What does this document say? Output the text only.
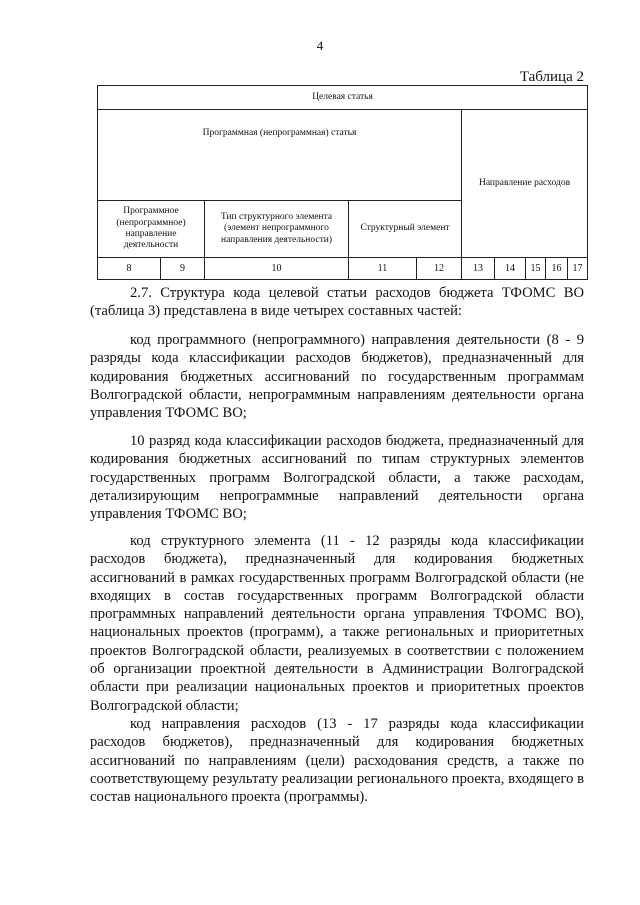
4
Таблица 2
Целевая статья									
Программная (непрограммная) статья					Направление расходов				
Программное (непрограммное) направление деятельности		Тип структурного элемента (элемент непрограммного направления деятельности)	Структурный элемент						
8	9	10	11	12	13	14	15	16	17

2.7. Структура кода целевой статьи расходов бюджета ТФОМС ВО (таблица 3) представлена в виде четырех составных частей:

код программного (непрограммного) направления деятельности (8 - 9 разряды кода классификации расходов бюджетов), предназначенный для кодирования бюджетных ассигнований по государственным программам Волгоградской области, непрограммным направлениям деятельности органа управления ТФОМС ВО;

10 разряд кода классификации расходов бюджета, предназначенный для кодирования бюджетных ассигнований по типам структурных элементов государственных программ Волгоградской области, а также расходам, детализирующим непрограммные направлений деятельности органа управления ТФОМС ВО;

код структурного элемента (11 - 12 разряды кода классификации расходов бюджета), предназначенный для кодирования бюджетных ассигнований в рамках государственных программ Волгоградской области (не входящих в состав государственных программ Волгоградской области программных направлений деятельности органа управления ТФОМС ВО), национальных проектов (программ), а также региональных и приоритетных проектов Волгоградской области, реализуемых в соответствии с положением об организации проектной деятельности в Администрации Волгоградской области при реализации национальных проектов и приоритетных проектов Волгоградской области;

код направления расходов (13 - 17 разряды кода классификации расходов бюджетов), предназначенный для кодирования бюджетных ассигнований по направлениям (цели) расходования средств, а также по соответствующему результату реализации регионального проекта, входящего в состав национального проекта (программы).
